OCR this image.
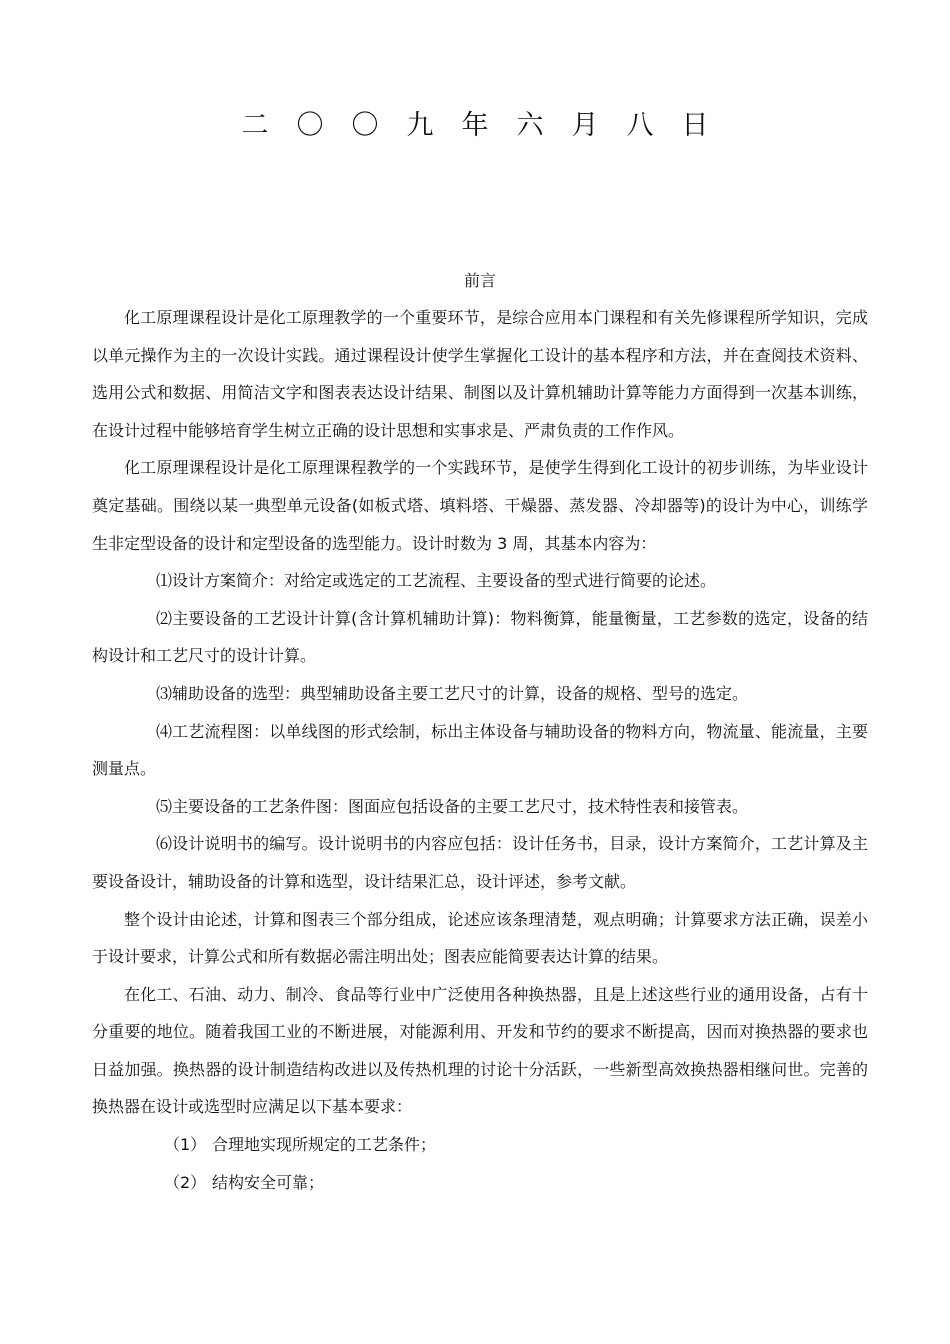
二〇〇九年六月八日

前言

化工原理课程设计是化工原理教学的一个重要环节，是综合应用本门课程和有关先修课程所学知识，完成以单元操作为主的一次设计实践。通过课程设计使学生掌握化工设计的基本程序和方法，并在查阅技术资料、选用公式和数据、用简洁文字和图表表达设计结果、制图以及计算机辅助计算等能力方面得到一次基本训练，在设计过程中能够培育学生树立正确的设计思想和实事求是、严肃负责的工作作风。

化工原理课程设计是化工原理课程教学的一个实践环节，是使学生得到化工设计的初步训练，为毕业设计奠定基础。围绕以某一典型单元设备(如板式塔、填料塔、干燥器、蒸发器、冷却器等)的设计为中心，训练学生非定型设备的设计和定型设备的选型能力。设计时数为 3 周，其基本内容为：

⑴设计方案简介：对给定或选定的工艺流程、主要设备的型式进行简要的论述。

⑵主要设备的工艺设计计算(含计算机辅助计算)：物料衡算，能量衡量，工艺参数的选定，设备的结构设计和工艺尺寸的设计计算。

⑶辅助设备的选型：典型辅助设备主要工艺尺寸的计算，设备的规格、型号的选定。

⑷工艺流程图：以单线图的形式绘制，标出主体设备与辅助设备的物料方向，物流量、能流量，主要测量点。

⑸主要设备的工艺条件图：图面应包括设备的主要工艺尺寸，技术特性表和接管表。

⑹设计说明书的编写。设计说明书的内容应包括：设计任务书，目录，设计方案简介，工艺计算及主要设备设计，辅助设备的计算和选型，设计结果汇总，设计评述，参考文献。

整个设计由论述，计算和图表三个部分组成，论述应该条理清楚，观点明确；计算要求方法正确，误差小于设计要求，计算公式和所有数据必需注明出处；图表应能简要表达计算的结果。

在化工、石油、动力、制冷、食品等行业中广泛使用各种换热器，且是上述这些行业的通用设备，占有十分重要的地位。随着我国工业的不断进展，对能源利用、开发和节约的要求不断提高，因而对换热器的要求也日益加强。换热器的设计制造结构改进以及传热机理的讨论十分活跃，一些新型高效换热器相继问世。完善的换热器在设计或选型时应满足以下基本要求：

（1） 合理地实现所规定的工艺条件；

（2） 结构安全可靠；
